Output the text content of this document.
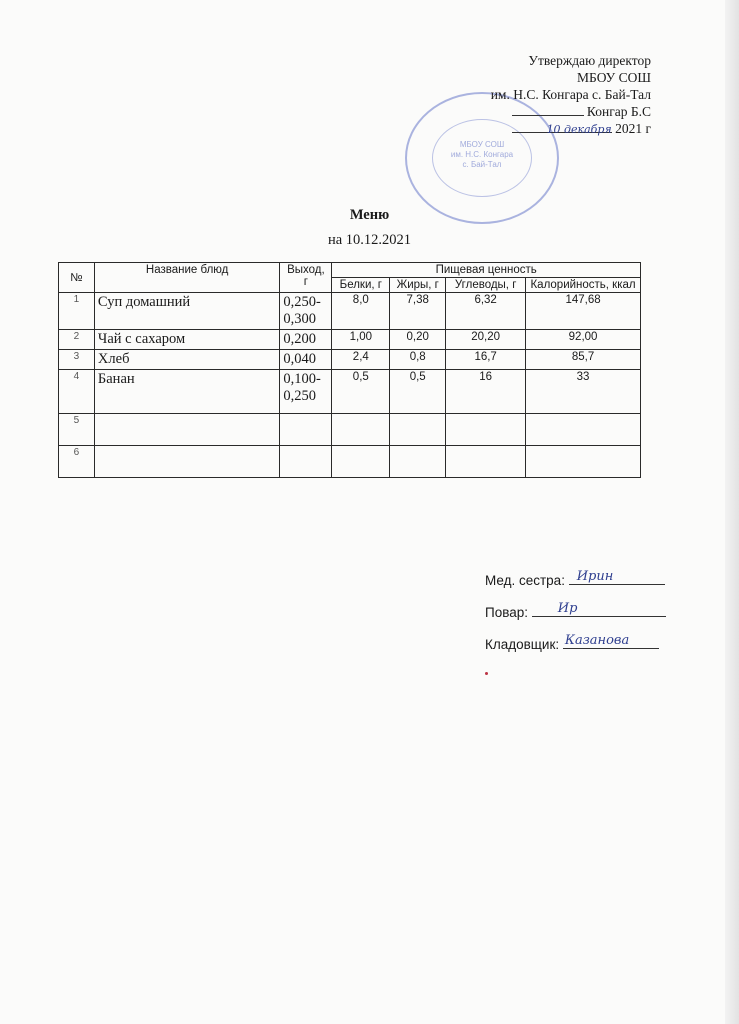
МБОУ СОШ
им. Н.С. Конгара
с. Бай-Тал
Утверждаю директор
МБОУ СОШ
им. Н.С. Конгара с. Бай-Тал
Конгар Б.С
10 декабря 2021 г
Меню
на 10.12.2021
№	Название блюд	Выход, г	Пищевая ценность			
			Белки, г	Жиры, г	Углеводы, г	Калорийность, ккал
1	Суп домашний	0,250-0,300	8,0	7,38	6,32	147,68
2	Чай с сахаром	0,200	1,00	0,20	20,20	92,00
3	Хлеб	0,040	2,4	0,8	16,7	85,7
4	Банан	0,100-0,250	0,5	0,5	16	33
5						
6						
Мед. сестра: Ирин
Повар: Ир
Кладовщик: Казанова
